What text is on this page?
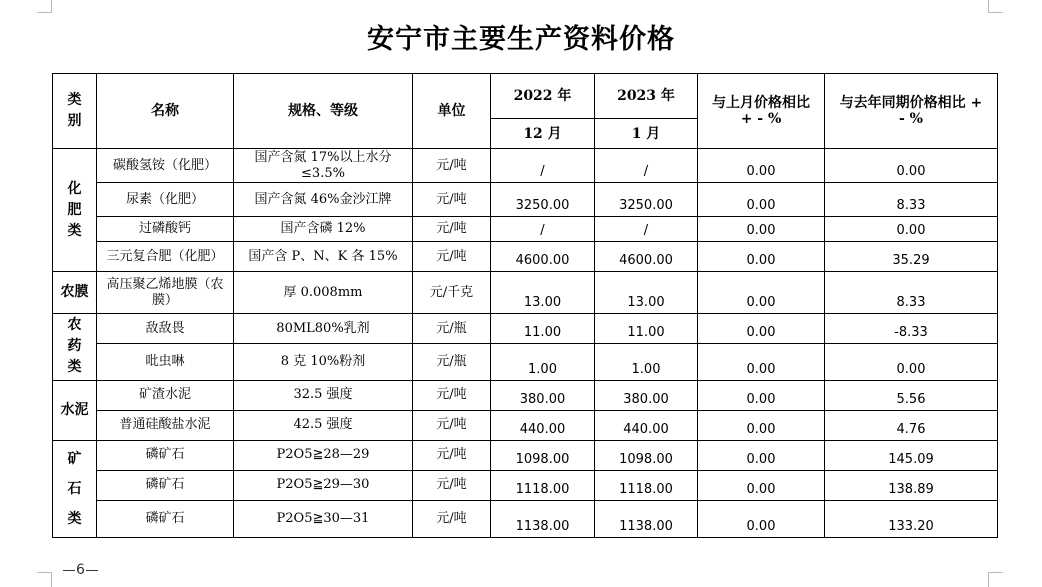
安宁市主要生产资料价格
类别	名称	规格、等级	单位	2022 年	2023 年	与上月价格相比 + - %	与去年同期价格相比 + - %
				12 月	1 月		
化肥类	碳酸氢铵（化肥）	国产含氮 17%以上水分≤3.5%	元/吨	/	/	0.00	0.00
	尿素（化肥）	国产含氮 46%金沙江牌	元/吨	3250.00	3250.00	0.00	8.33
	过磷酸钙	国产含磷 12%	元/吨	/	/	0.00	0.00
	三元复合肥（化肥）	国产含 P、N、K 各 15%	元/吨	4600.00	4600.00	0.00	35.29
农膜	高压聚乙烯地膜（农膜）	厚 0.008mm	元/千克	13.00	13.00	0.00	8.33
农药类	敌敌畏	80ML80%乳剂	元/瓶	11.00	11.00	0.00	-8.33
	吡虫啉	8 克 10%粉剂	元/瓶	1.00	1.00	0.00	0.00
水泥	矿渣水泥	32.5 强度	元/吨	380.00	380.00	0.00	5.56
	普通硅酸盐水泥	42.5 强度	元/吨	440.00	440.00	0.00	4.76
矿石类	磷矿石	P2O5≧28—29	元/吨	1098.00	1098.00	0.00	145.09
	磷矿石	P2O5≧29—30	元/吨	1118.00	1118.00	0.00	138.89
	磷矿石	P2O5≧30—31	元/吨	1138.00	1138.00	0.00	133.20
6
